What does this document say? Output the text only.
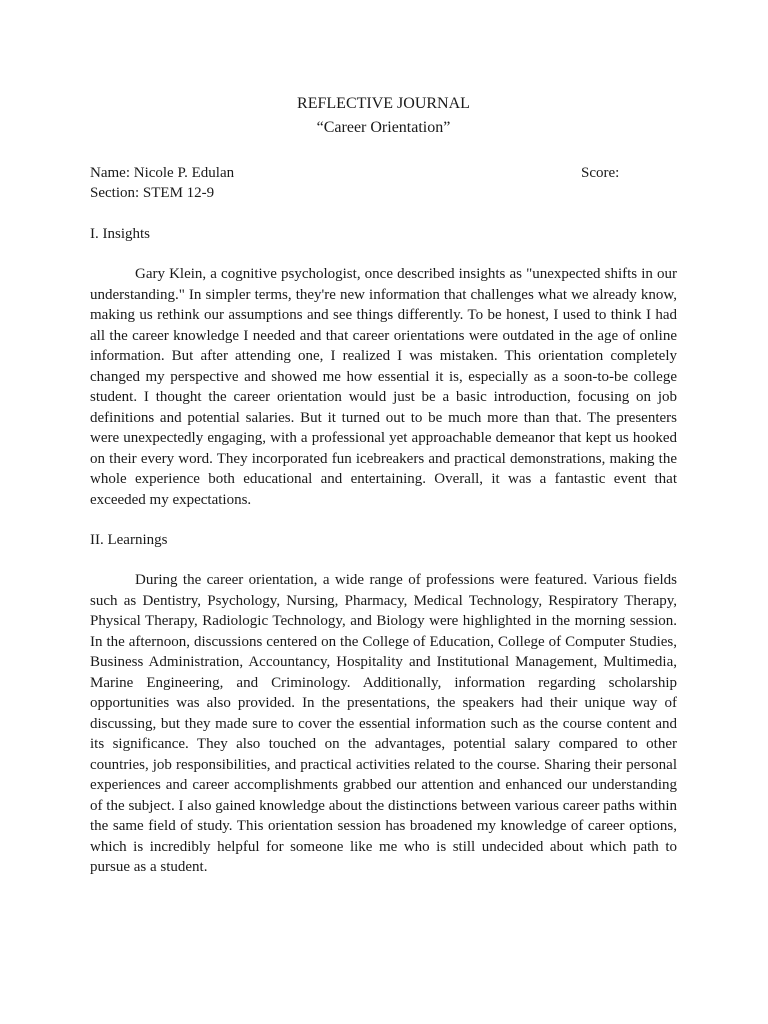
REFLECTIVE JOURNAL

“Career Orientation”

Name: Nicole P. Edulan	Score:
Section: STEM 12-9
I. Insights

Gary Klein, a cognitive psychologist, once described insights as "unexpected shifts in our understanding." In simpler terms, they're new information that challenges what we already know, making us rethink our assumptions and see things differently. To be honest, I used to think I had all the career knowledge I needed and that career orientations were outdated in the age of online information. But after attending one, I realized I was mistaken. This orientation completely changed my perspective and showed me how essential it is, especially as a soon-to-be college student. I thought the career orientation would just be a basic introduction, focusing on job definitions and potential salaries. But it turned out to be much more than that. The presenters were unexpectedly engaging, with a professional yet approachable demeanor that kept us hooked on their every word. They incorporated fun icebreakers and practical demonstrations, making the whole experience both educational and entertaining. Overall, it was a fantastic event that exceeded my expectations.

II. Learnings

During the career orientation, a wide range of professions were featured. Various fields such as Dentistry, Psychology, Nursing, Pharmacy, Medical Technology, Respiratory Therapy, Physical Therapy, Radiologic Technology, and Biology were highlighted in the morning session. In the afternoon, discussions centered on the College of Education, College of Computer Studies, Business Administration, Accountancy, Hospitality and Institutional Management, Multimedia, Marine Engineering, and Criminology. Additionally, information regarding scholarship opportunities was also provided. In the presentations, the speakers had their unique way of discussing, but they made sure to cover the essential information such as the course content and its significance. They also touched on the advantages, potential salary compared to other countries, job responsibilities, and practical activities related to the course. Sharing their personal experiences and career accomplishments grabbed our attention and enhanced our understanding of the subject. I also gained knowledge about the distinctions between various career paths within the same field of study. This orientation session has broadened my knowledge of career options, which is incredibly helpful for someone like me who is still undecided about which path to pursue as a student.
